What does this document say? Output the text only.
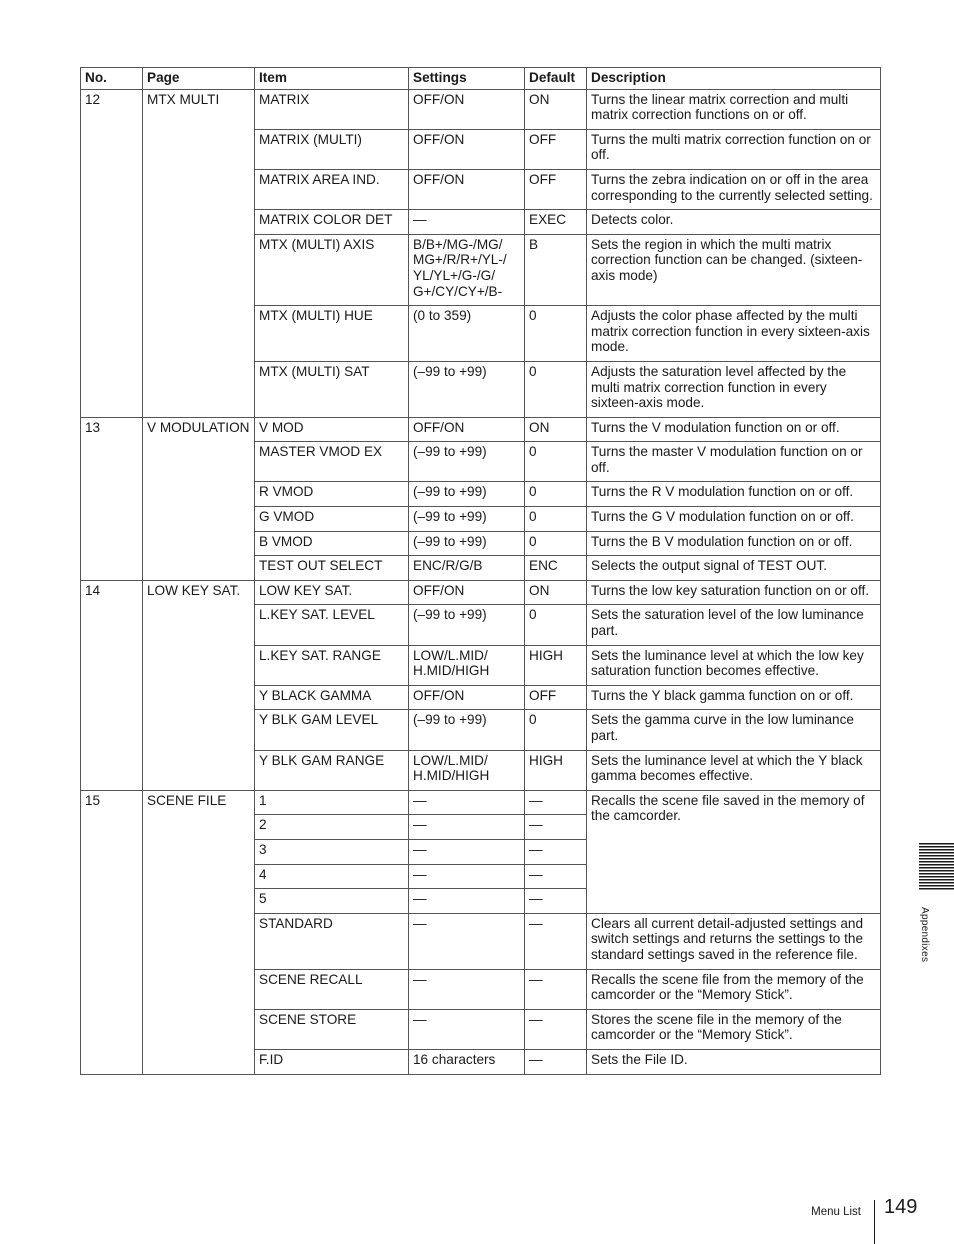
No.	Page	Item	Settings	Default	Description
12	MTX MULTI	MATRIX	OFF/ON	ON	Turns the linear matrix correction and multi matrix correction functions on or off.
		MATRIX (MULTI)	OFF/ON	OFF	Turns the multi matrix correction function on or off.
		MATRIX AREA IND.	OFF/ON	OFF	Turns the zebra indication on or off in the area corresponding to the currently selected setting.
		MATRIX COLOR DET	—	EXEC	Detects color.
		MTX (MULTI) AXIS	B/B+/MG-/MG/ MG+/R/R+/YL-/ YL/YL+/G-/G/ G+/CY/CY+/B-	B	Sets the region in which the multi matrix correction function can be changed. (sixteen-axis mode)
		MTX (MULTI) HUE	(0 to 359)	0	Adjusts the color phase affected by the multi matrix correction function in every sixteen-axis mode.
		MTX (MULTI) SAT	(–99 to +99)	0	Adjusts the saturation level affected by the multi matrix correction function in every sixteen-axis mode.
13	V MODULATION	V MOD	OFF/ON	ON	Turns the V modulation function on or off.
		MASTER VMOD EX	(–99 to +99)	0	Turns the master V modulation function on or off.
		R VMOD	(–99 to +99)	0	Turns the R V modulation function on or off.
		G VMOD	(–99 to +99)	0	Turns the G V modulation function on or off.
		B VMOD	(–99 to +99)	0	Turns the B V modulation function on or off.
		TEST OUT SELECT	ENC/R/G/B	ENC	Selects the output signal of TEST OUT.
14	LOW KEY SAT.	LOW KEY SAT.	OFF/ON	ON	Turns the low key saturation function on or off.
		L.KEY SAT. LEVEL	(–99 to +99)	0	Sets the saturation level of the low luminance part.
		L.KEY SAT. RANGE	LOW/L.MID/ H.MID/HIGH	HIGH	Sets the luminance level at which the low key saturation function becomes effective.
		Y BLACK GAMMA	OFF/ON	OFF	Turns the Y black gamma function on or off.
		Y BLK GAM LEVEL	(–99 to +99)	0	Sets the gamma curve in the low luminance part.
		Y BLK GAM RANGE	LOW/L.MID/ H.MID/HIGH	HIGH	Sets the luminance level at which the Y black gamma becomes effective.
15	SCENE FILE	1	—	—	Recalls the scene file saved in the memory of the camcorder.
		2	—	—	
		3	—	—	
		4	—	—	
		5	—	—	
		STANDARD	—	—	Clears all current detail-adjusted settings and switch settings and returns the settings to the standard settings saved in the reference file.
		SCENE RECALL	—	—	Recalls the scene file from the memory of the camcorder or the “Memory Stick”.
		SCENE STORE	—	—	Stores the scene file in the memory of the camcorder or the “Memory Stick”.
		F.ID	16 characters	—	Sets the File ID.
Appendixes
Menu List 149
